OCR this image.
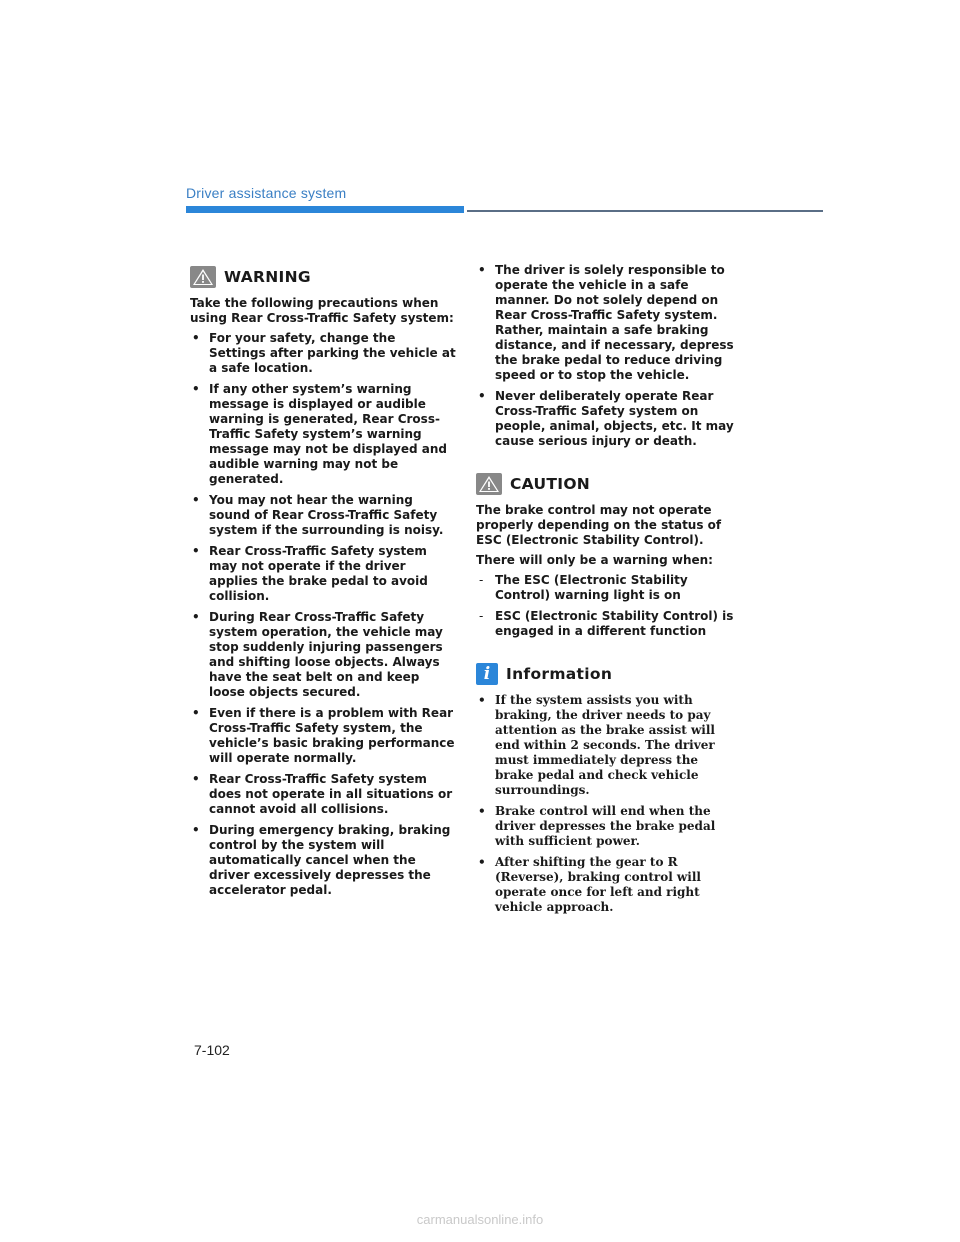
Driver assistance system
WARNING

Take the following precautions when using Rear Cross-Traffic Safety system:

• For your safety, change the Settings after parking the vehicle at a safe location.
• If any other system’s warning message is displayed or audible warning is generated, Rear Cross-Traffic Safety system’s warning message may not be displayed and audible warning may not be generated.
• You may not hear the warning sound of Rear Cross-Traffic Safety system if the surrounding is noisy.
• Rear Cross-Traffic Safety system may not operate if the driver applies the brake pedal to avoid collision.
• During Rear Cross-Traffic Safety system operation, the vehicle may stop suddenly injuring passengers and shifting loose objects. Always have the seat belt on and keep loose objects secured.
• Even if there is a problem with Rear Cross-Traffic Safety system, the vehicle’s basic braking performance will operate normally.
• Rear Cross-Traffic Safety system does not operate in all situations or cannot avoid all collisions.
• During emergency braking, braking control by the system will automatically cancel when the driver excessively depresses the accelerator pedal.
• The driver is solely responsible to operate the vehicle in a safe manner. Do not solely depend on Rear Cross-Traffic Safety system. Rather, maintain a safe braking distance, and if necessary, depress the brake pedal to reduce driving speed or to stop the vehicle.
• Never deliberately operate Rear Cross-Traffic Safety system on people, animal, objects, etc. It may cause serious injury or death.
CAUTION

The brake control may not operate properly depending on the status of ESC (Electronic Stability Control).

There will only be a warning when:

- The ESC (Electronic Stability Control) warning light is on
- ESC (Electronic Stability Control) is engaged in a different function
i	Information
• If the system assists you with braking, the driver needs to pay attention as the brake assist will end within 2 seconds. The driver must immediately depress the brake pedal and check vehicle surroundings.
• Brake control will end when the driver depresses the brake pedal with sufficient power.
• After shifting the gear to R (Reverse), braking control will operate once for left and right vehicle approach.
7-102
carmanualsonline.info
